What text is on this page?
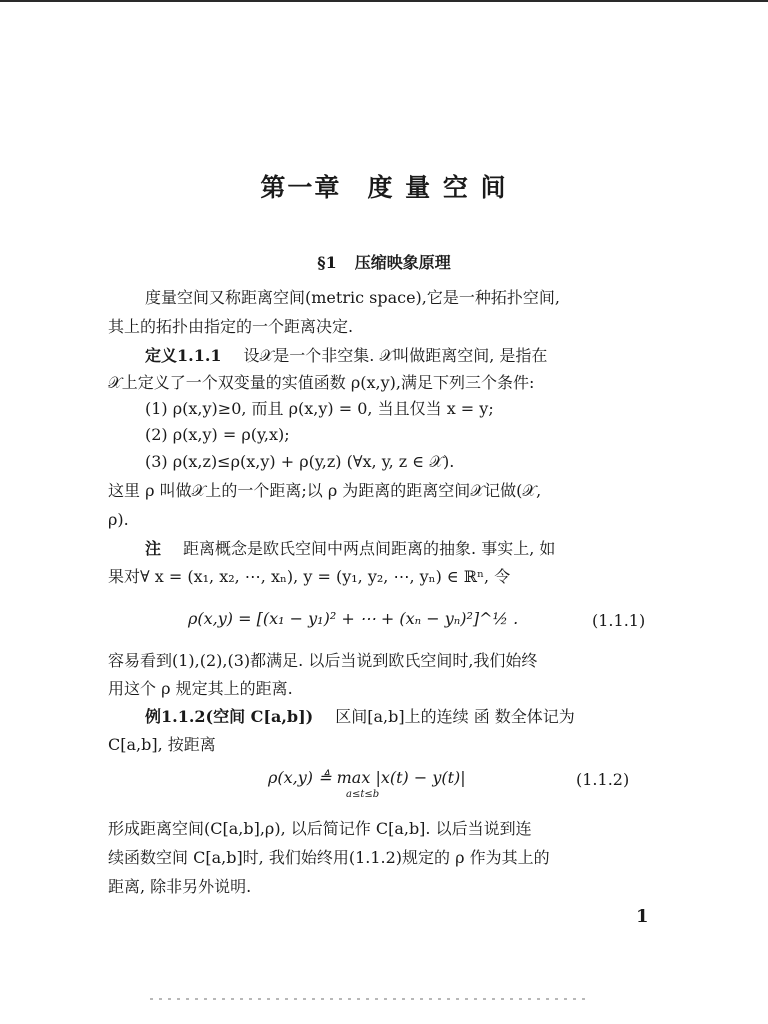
第一章 度 量 空 间
§1 压缩映象原理
度量空间又称距离空间(metric space),它是一种拓扑空间,
其上的拓扑由指定的一个距离决定.
定义1.1.1 设𝒳是一个非空集. 𝒳叫做距离空间, 是指在
𝒳上定义了一个双变量的实值函数 ρ(x,y),满足下列三个条件:
(1) ρ(x,y)≥0, 而且 ρ(x,y) = 0, 当且仅当 x = y;
(2) ρ(x,y) = ρ(y,x);
(3) ρ(x,z)≤ρ(x,y) + ρ(y,z) (∀x, y, z ∈ 𝒳).
这里 ρ 叫做𝒳上的一个距离;以 ρ 为距离的距离空间𝒳记做(𝒳,
ρ).
注 距离概念是欧氏空间中两点间距离的抽象. 事实上, 如
果对∀ x = (x₁, x₂, ⋯, xₙ), y = (y₁, y₂, ⋯, yₙ) ∈ ℝⁿ, 令
ρ(x,y) = [(x₁ − y₁)² + ⋯ + (xₙ − yₙ)²]^½ .	(1.1.1)
容易看到(1),(2),(3)都满足. 以后当说到欧氏空间时,我们始终
用这个 ρ 规定其上的距离.
例1.1.2(空间 C[a,b]) 区间[a,b]上的连续 函 数全体记为
C[a,b], 按距离
ρ(x,y) ≜ max |x(t) − y(t)|
a≤t≤b
(1.1.2)
形成距离空间(C[a,b],ρ), 以后简记作 C[a,b]. 以后当说到连
续函数空间 C[a,b]时, 我们始终用(1.1.2)规定的 ρ 作为其上的
距离, 除非另外说明.
1
